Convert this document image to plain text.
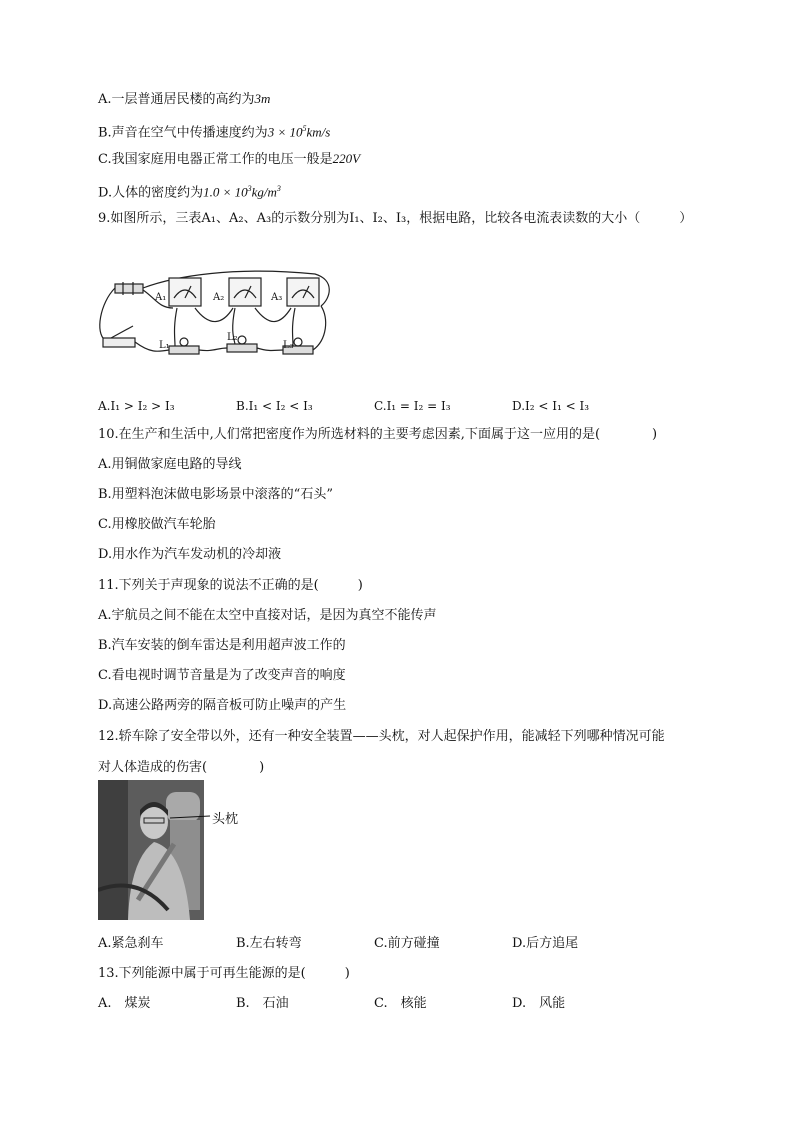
A.一层普通居民楼的高约为3m
B.声音在空气中传播速度约为$3 \times 10^5km/s$
C.我国家庭用电器正常工作的电压一般是220V
D.人体的密度约为$1.0 \times 10^3kg/m^3$
9.如图所示，三表A₁、A₂、A₃的示数分别为I₁、I₂、I₃，根据电路，比较各电流表读数的大小（　　　）
A₁	A₂	A₃
L₁
L₂
L₃
A.I₁ > I₂ > I₃	B.I₁ < I₂ < I₃	C.I₁ = I₂ = I₃	D.I₂ < I₁ < I₃
10.在生产和生活中,人们常把密度作为所选材料的主要考虑因素,下面属于这一应用的是(　　　　)
A.用铜做家庭电路的导线
B.用塑料泡沫做电影场景中滚落的“石头”
C.用橡胶做汽车轮胎
D.用水作为汽车发动机的冷却液
11.下列关于声现象的说法不正确的是(　　　)
A.宇航员之间不能在太空中直接对话，是因为真空不能传声
B.汽车安装的倒车雷达是利用超声波工作的
C.看电视时调节音量是为了改变声音的响度
D.高速公路两旁的隔音板可防止噪声的产生
12.轿车除了安全带以外，还有一种安全装置——头枕，对人起保护作用，能减轻下列哪种情况可能
对人体造成的伤害(　　　　)
头枕
A.紧急刹车	B.左右转弯	C.前方碰撞	D.后方追尾
13.下列能源中属于可再生能源的是(　　　)
A.　煤炭	B.　石油	C.　核能	D.　风能
